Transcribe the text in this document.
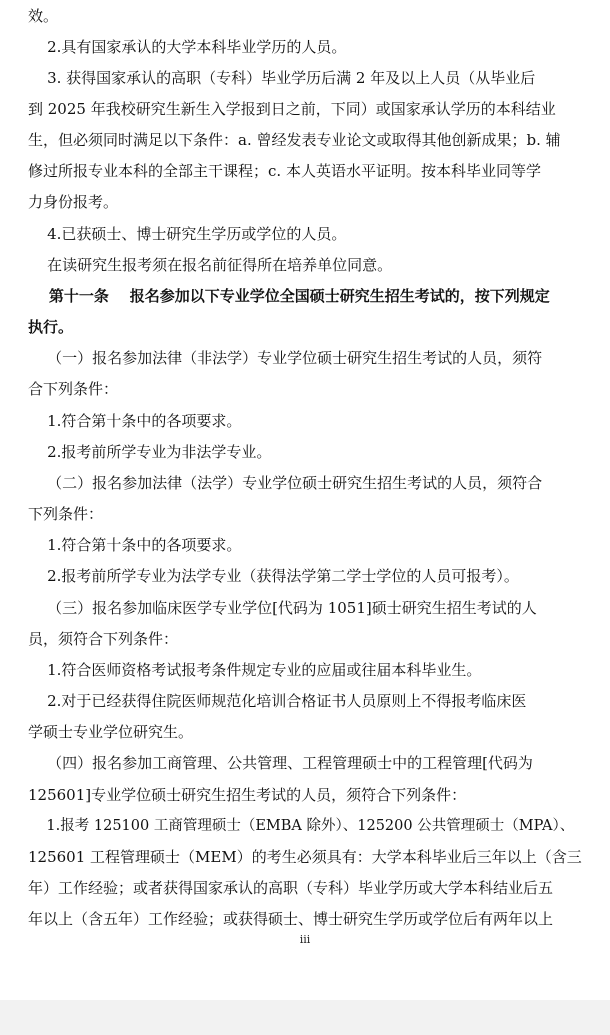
效。
2.具有国家承认的大学本科毕业学历的人员。
3. 获得国家承认的高职（专科）毕业学历后满 2 年及以上人员（从毕业后
到 2025 年我校研究生新生入学报到日之前，下同）或国家承认学历的本科结业
生，但必须同时满足以下条件：a. 曾经发表专业论文或取得其他创新成果；b. 辅
修过所报专业本科的全部主干课程；c. 本人英语水平证明。按本科毕业同等学
力身份报考。
4.已获硕士、博士研究生学历或学位的人员。
在读研究生报考须在报名前征得所在培养单位同意。
第十一条    报名参加以下专业学位全国硕士研究生招生考试的，按下列规定
执行。
（一）报名参加法律（非法学）专业学位硕士研究生招生考试的人员，须符
合下列条件：
1.符合第十条中的各项要求。
2.报考前所学专业为非法学专业。
（二）报名参加法律（法学）专业学位硕士研究生招生考试的人员，须符合
下列条件：
1.符合第十条中的各项要求。
2.报考前所学专业为法学专业（获得法学第二学士学位的人员可报考）。
（三）报名参加临床医学专业学位[代码为 1051]硕士研究生招生考试的人
员，须符合下列条件：
1.符合医师资格考试报考条件规定专业的应届或往届本科毕业生。
2.对于已经获得住院医师规范化培训合格证书人员原则上不得报考临床医
学硕士专业学位研究生。
（四）报名参加工商管理、公共管理、工程管理硕士中的工程管理[代码为
125601]专业学位硕士研究生招生考试的人员，须符合下列条件：
1.报考 125100 工商管理硕士（EMBA 除外）、125200 公共管理硕士（MPA）、
125601 工程管理硕士（MEM）的考生必须具有：大学本科毕业后三年以上（含三
年）工作经验；或者获得国家承认的高职（专科）毕业学历或大学本科结业后五
年以上（含五年）工作经验；或获得硕士、博士研究生学历或学位后有两年以上
iii
